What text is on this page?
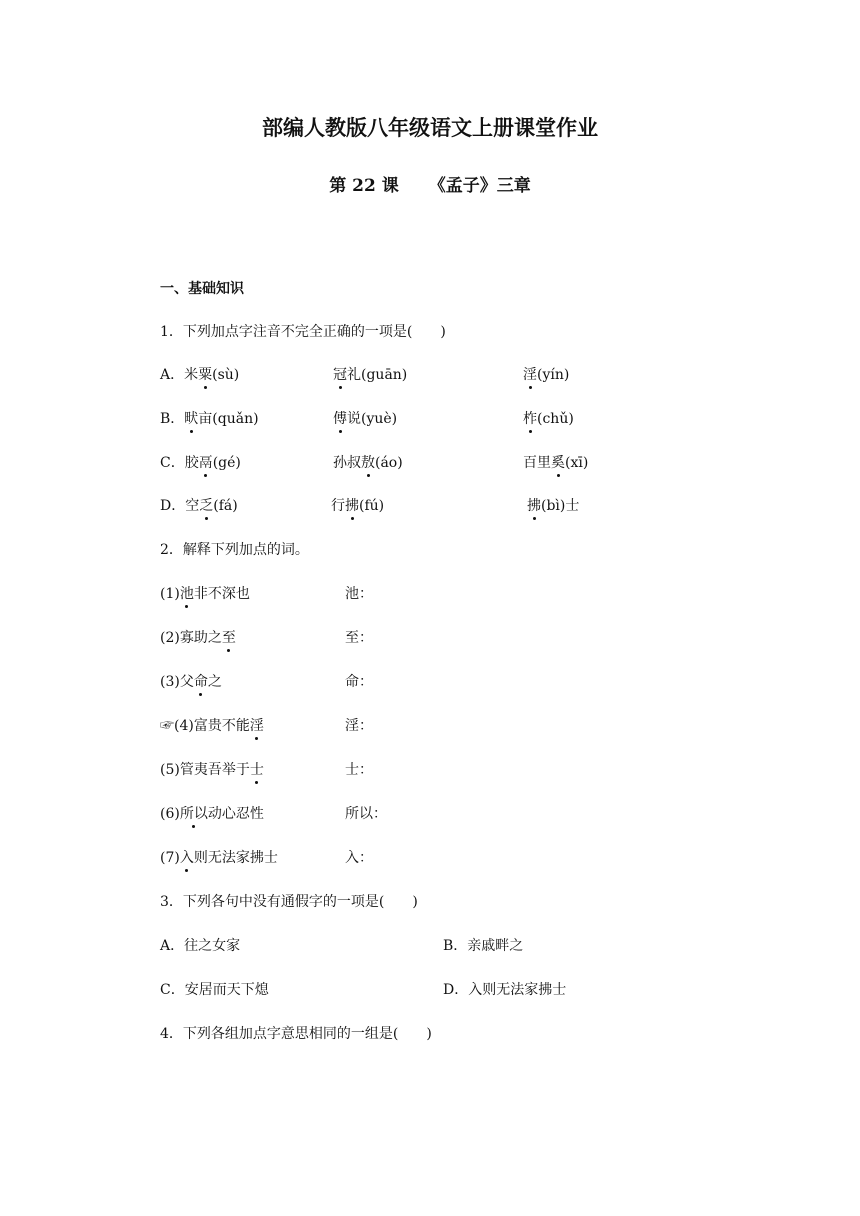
部编人教版八年级语文上册课堂作业
第 22 课 《孟子》三章
一、基础知识
1．下列加点字注音不完全正确的一项是(　　)
A．米粟(sù)	冠礼(guān)	淫(yín)
B．畎亩(quǎn)	傅说(yuè)	柞(chǔ)
C．胶鬲(gé)	孙叔敖(áo)	百里奚(xī)
D．空乏(fá)	行拂(fú)	拂(bì)士
2．解释下列加点的词。
(1)池非不深也	池：
(2)寡助之至	至：
(3)父命之	命：
☞(4)富贵不能淫	淫：
(5)管夷吾举于士	士：
(6)所以动心忍性	所以：
(7)入则无法家拂士	入：
3．下列各句中没有通假字的一项是(　　)
A．往之女家	B．亲戚畔之
C．安居而天下熄	D．入则无法家拂士
4．下列各组加点字意思相同的一组是(　　)
